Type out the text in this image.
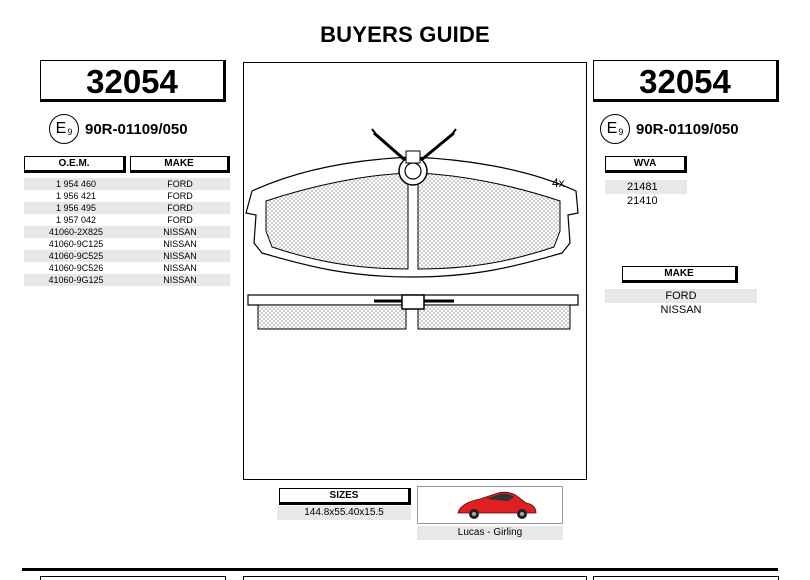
BUYERS GUIDE
32054
$E_9$ 90R-01109/050
O.E.M.	MAKE
1 954 460	FORD
1 956 421	FORD
1 956 495	FORD
1 957 042	FORD
41060-2X825	NISSAN
41060-9C125	NISSAN
41060-9C525	NISSAN
41060-9C526	NISSAN
41060-9G125	NISSAN
4x
32054
$E_9$ 90R-01109/050
WVA
21481
21410
MAKE
FORD
NISSAN
SIZES
144.8x55.40x15.5
Lucas - Girling
